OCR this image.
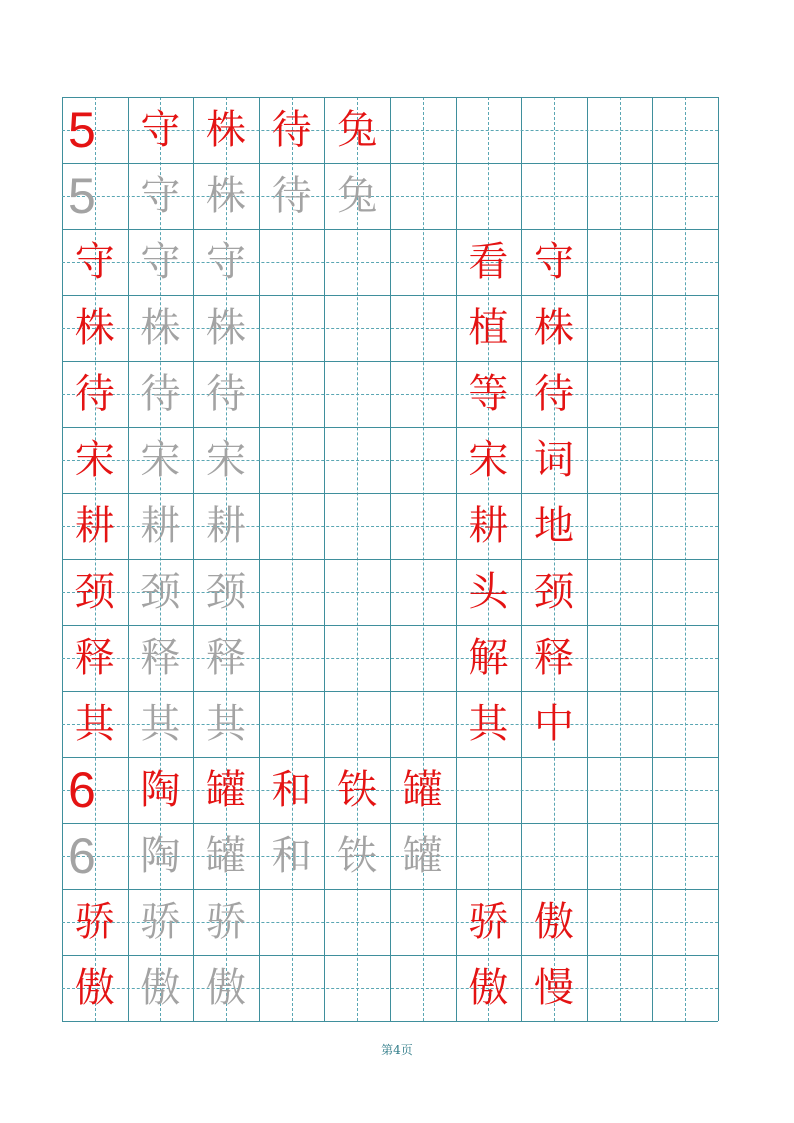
5	守 株 待 兔
5	守 株 待 兔
守 守 守	看 守
株 株 株	植 株
待 待 待	等 待
宋 宋 宋	宋 词
耕 耕 耕	耕 地
颈 颈 颈	头 颈
释 释 释	解 释
其 其 其	其 中
6	陶 罐 和 铁 罐
6	陶 罐 和 铁 罐
骄 骄 骄	骄 傲
傲 傲 傲	傲 慢
第4页
